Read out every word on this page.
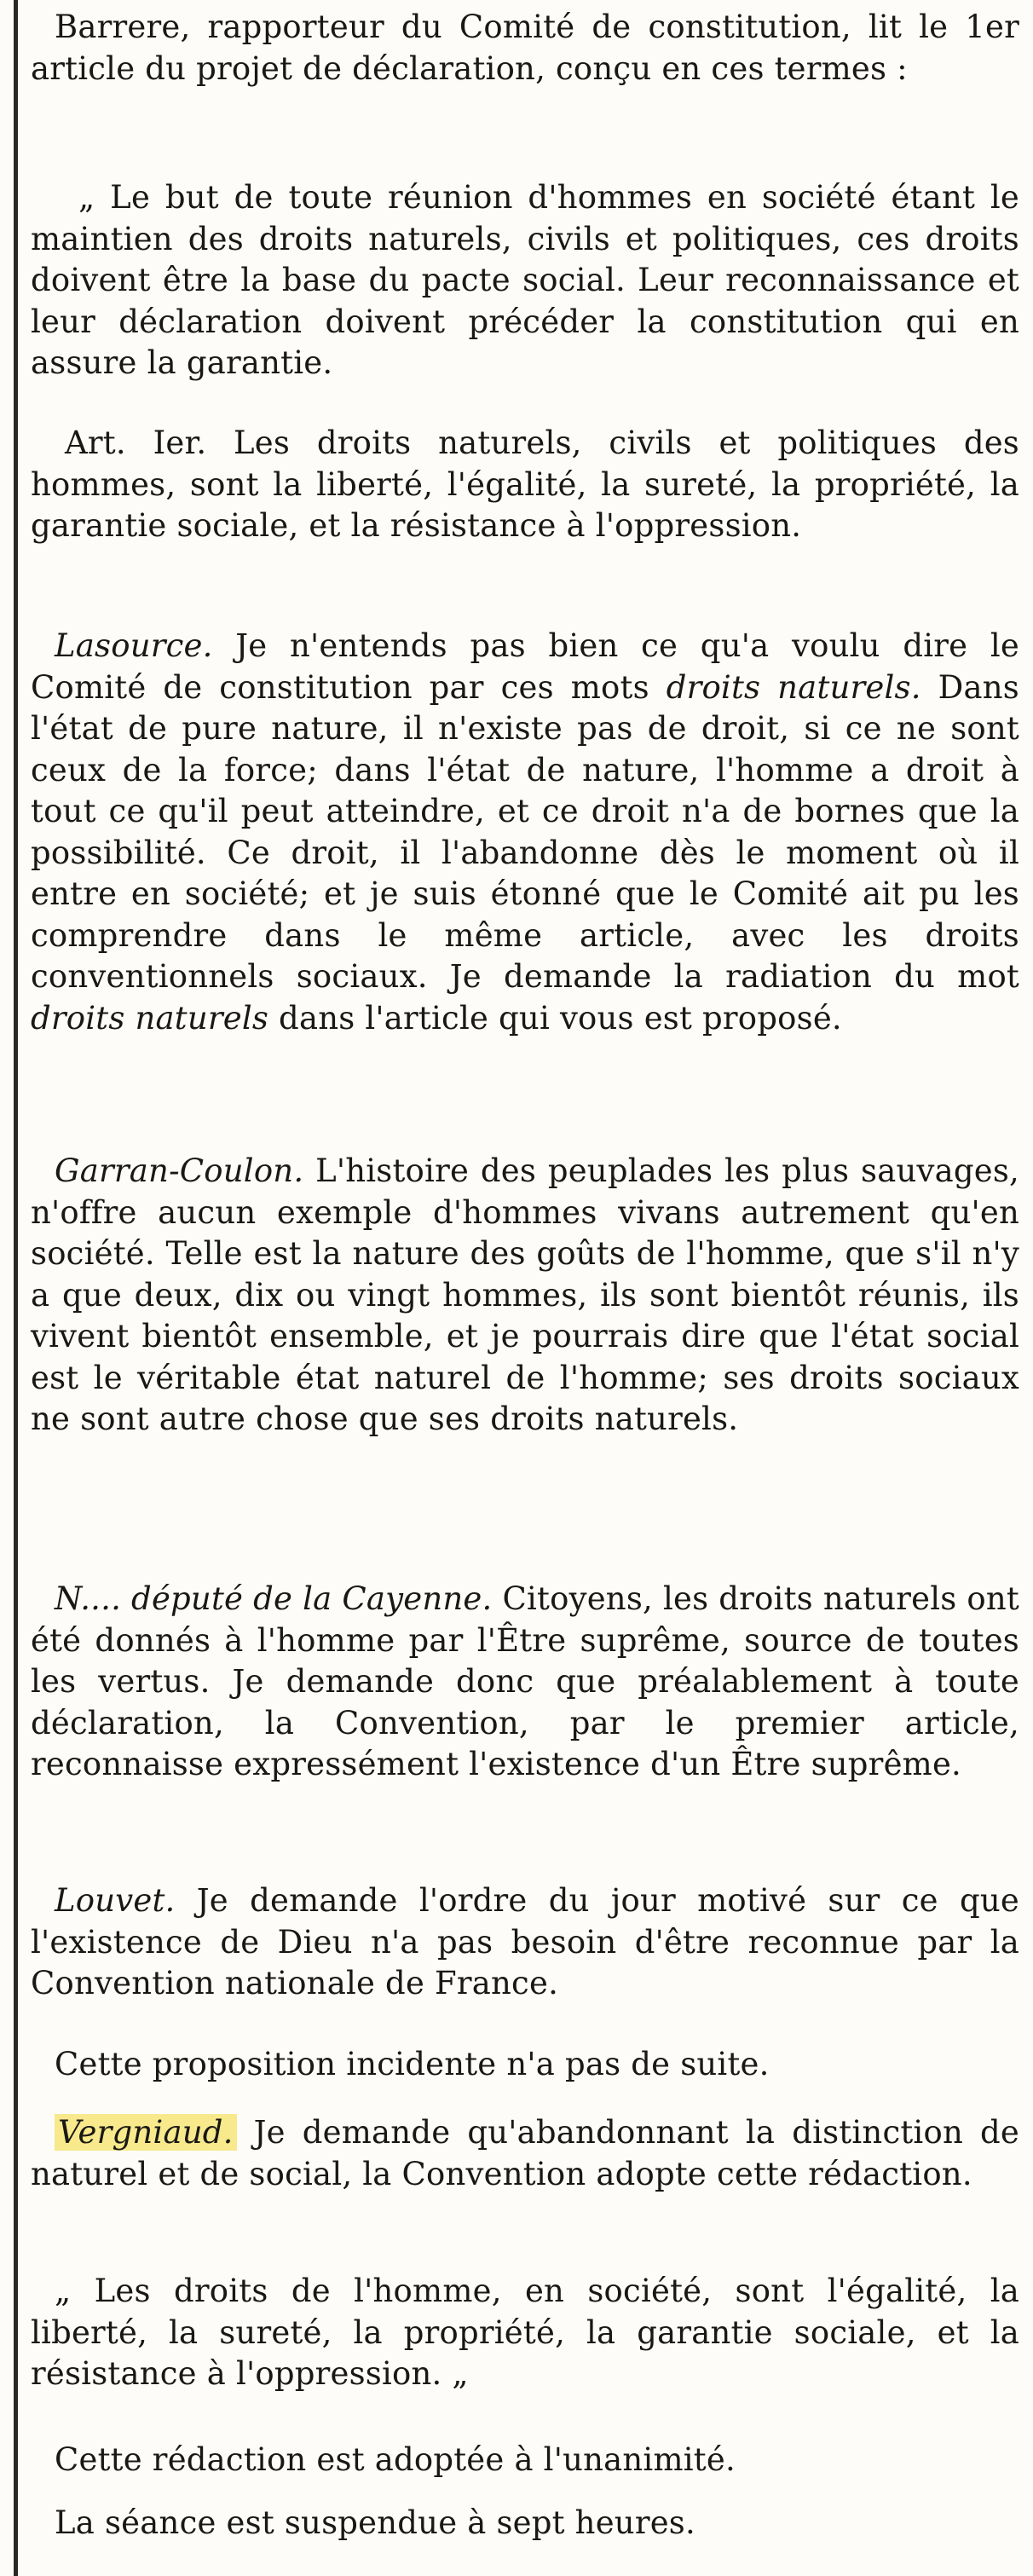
Barrere, rapporteur du Comité de constitution, lit le 1er article du projet de déclaration, conçu en ces termes :

„ Le but de toute réunion d'hommes en société étant le maintien des droits naturels, civils et politiques, ces droits doivent être la base du pacte social. Leur reconnaissance et leur déclaration doivent précéder la constitution qui en assure la garantie.

Art. Ier. Les droits naturels, civils et politiques des hommes, sont la liberté, l'égalité, la sureté, la propriété, la garantie sociale, et la résistance à l'oppression.

Lasource. Je n'entends pas bien ce qu'a voulu dire le Comité de constitution par ces mots droits naturels. Dans l'état de pure nature, il n'existe pas de droit, si ce ne sont ceux de la force; dans l'état de nature, l'homme a droit à tout ce qu'il peut atteindre, et ce droit n'a de bornes que la possibilité. Ce droit, il l'abandonne dès le moment où il entre en société; et je suis étonné que le Comité ait pu les comprendre dans le même article, avec les droits conventionnels sociaux. Je demande la radiation du mot droits naturels dans l'article qui vous est proposé.

Garran-Coulon. L'histoire des peuplades les plus sauvages, n'offre aucun exemple d'hommes vivans autrement qu'en société. Telle est la nature des goûts de l'homme, que s'il n'y a que deux, dix ou vingt hommes, ils sont bientôt réunis, ils vivent bientôt ensemble, et je pourrais dire que l'état social est le véritable état naturel de l'homme; ses droits sociaux ne sont autre chose que ses droits naturels.

N.... député de la Cayenne. Citoyens, les droits naturels ont été donnés à l'homme par l'Être suprême, source de toutes les vertus. Je demande donc que préalablement à toute déclaration, la Convention, par le premier article, reconnaisse expressément l'existence d'un Être suprême.

Louvet. Je demande l'ordre du jour motivé sur ce que l'existence de Dieu n'a pas besoin d'être reconnue par la Convention nationale de France.

Cette proposition incidente n'a pas de suite.

Vergniaud. Je demande qu'abandonnant la distinction de naturel et de social, la Convention adopte cette rédaction.

„ Les droits de l'homme, en société, sont l'égalité, la liberté, la sureté, la propriété, la garantie sociale, et la résistance à l'oppression. „

Cette rédaction est adoptée à l'unanimité.

La séance est suspendue à sept heures.
